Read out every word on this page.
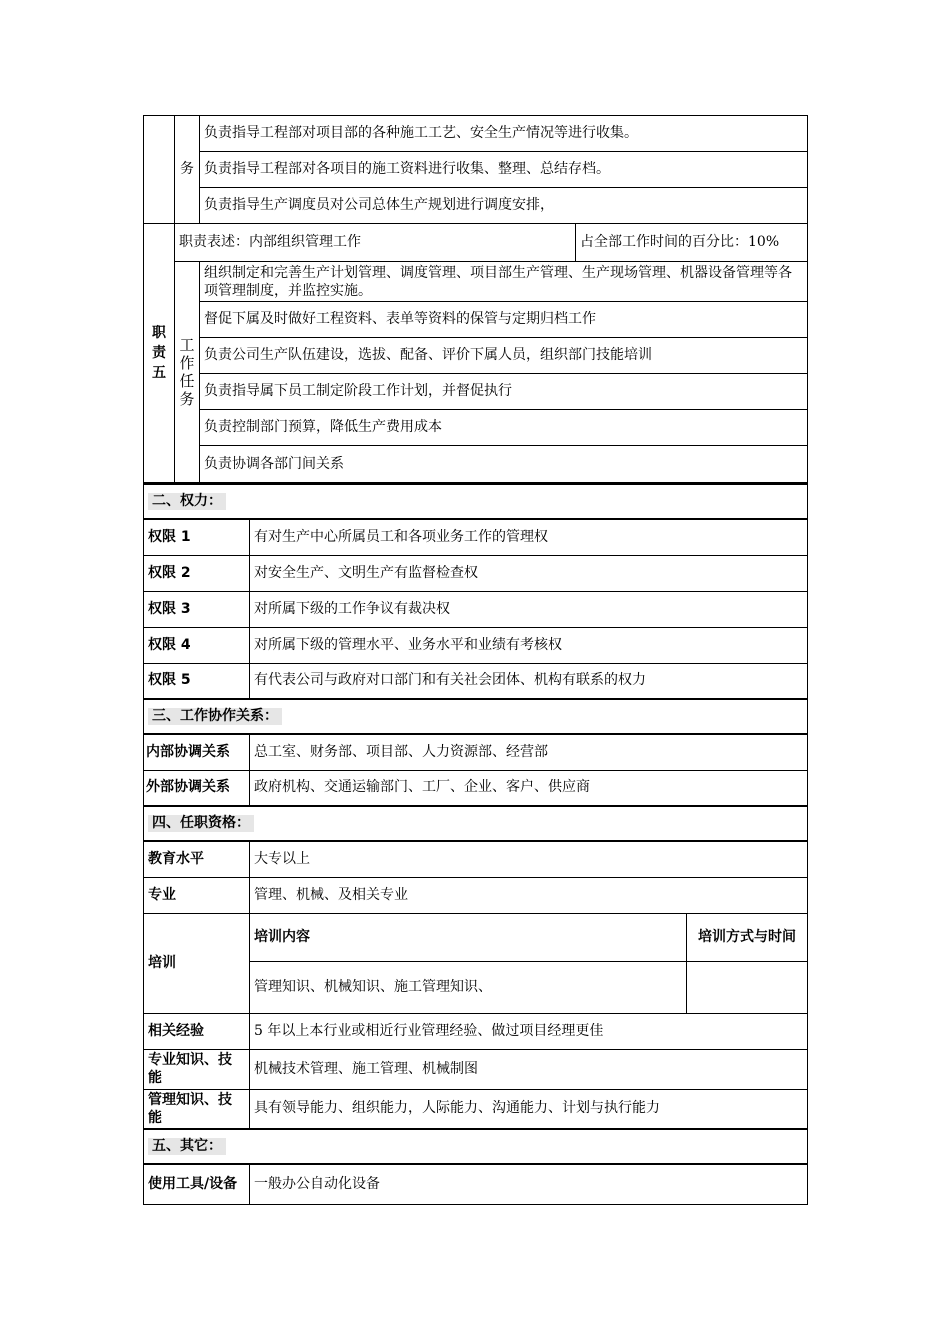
	务	负责指导工程部对项目部的各种施工工艺、安全生产情况等进行收集。	
		负责指导工程部对各项目的施工资料进行收集、整理、总结存档。	
		负责指导生产调度员对公司总体生产规划进行调度安排，	
职责五	职责表述：内部组织管理工作		占全部工作时间的百分比：10%
	工作任务	组织制定和完善生产计划管理、调度管理、项目部生产管理、生产现场管理、机器设备管理等各项管理制度，并监控实施。	
		督促下属及时做好工程资料、表单等资料的保管与定期归档工作	
		负责公司生产队伍建设，选拔、配备、评价下属人员，组织部门技能培训	
		负责指导属下员工制定阶段工作计划，并督促执行	
		负责控制部门预算，降低生产费用成本	
		负责协调各部门间关系	
二、权力：		
权限 1	有对生产中心所属员工和各项业务工作的管理权	
权限 2	对安全生产、文明生产有监督检查权	
权限 3	对所属下级的工作争议有裁决权	
权限 4	对所属下级的管理水平、业务水平和业绩有考核权	
权限 5	有代表公司与政府对口部门和有关社会团体、机构有联系的权力	
三、工作协作关系：		
内部协调关系	总工室、财务部、项目部、人力资源部、经营部	
外部协调关系	政府机构、交通运输部门、工厂、企业、客户、供应商	
四、任职资格：		
教育水平	大专以上	
专业	管理、机械、及相关专业	
培训	培训内容	培训方式与时间
	管理知识、机械知识、施工管理知识、	
相关经验	5 年以上本行业或相近行业管理经验、做过项目经理更佳	
专业知识、技能	机械技术管理、施工管理、机械制图	
管理知识、技能	具有领导能力、组织能力，人际能力、沟通能力、计划与执行能力	
五、其它：		
使用工具/设备	一般办公自动化设备	
